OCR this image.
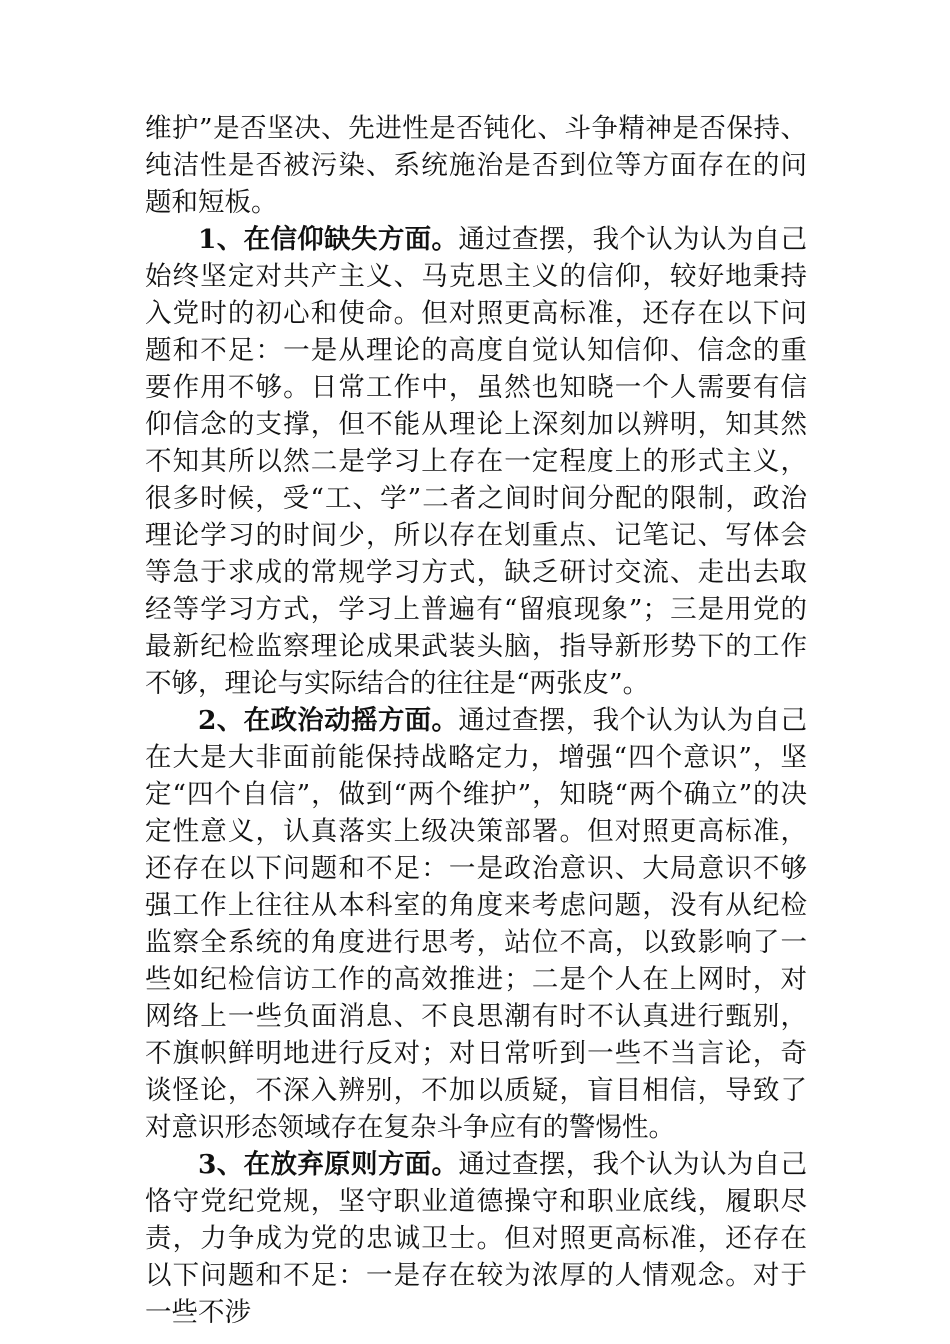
维护”是否坚决、先进性是否钝化、斗争精神是否保持、纯洁性是否被污染、系统施治是否到位等方面存在的问题和短板。

1、在信仰缺失方面。通过查摆，我个认为认为自己始终坚定对共产主义、马克思主义的信仰，较好地秉持入党时的初心和使命。但对照更高标准，还存在以下问题和不足：一是从理论的高度自觉认知信仰、信念的重要作用不够。日常工作中，虽然也知晓一个人需要有信仰信念的支撑，但不能从理论上深刻加以辨明，知其然不知其所以然二是学习上存在一定程度上的形式主义，很多时候，受“工、学”二者之间时间分配的限制，政治理论学习的时间少，所以存在划重点、记笔记、写体会等急于求成的常规学习方式，缺乏研讨交流、走出去取经等学习方式，学习上普遍有“留痕现象”；三是用党的最新纪检监察理论成果武装头脑，指导新形势下的工作不够，理论与实际结合的往往是“两张皮”。

2、在政治动摇方面。通过查摆，我个认为认为自己在大是大非面前能保持战略定力，增强“四个意识”，坚定“四个自信”，做到“两个维护”，知晓“两个确立”的决定性意义，认真落实上级决策部署。但对照更高标准，还存在以下问题和不足：一是政治意识、大局意识不够强工作上往往从本科室的角度来考虑问题，没有从纪检监察全系统的角度进行思考，站位不高，以致影响了一些如纪检信访工作的高效推进；二是个人在上网时，对网络上一些负面消息、不良思潮有时不认真进行甄别，不旗帜鲜明地进行反对；对日常听到一些不当言论，奇谈怪论，不深入辨别，不加以质疑，盲目相信，导致了对意识形态领域存在复杂斗争应有的警惕性。

3、在放弃原则方面。通过查摆，我个认为认为自己恪守党纪党规，坚守职业道德操守和职业底线，履职尽责，力争成为党的忠诚卫士。但对照更高标准，还存在以下问题和不足：一是存在较为浓厚的人情观念。对于一些不涉
